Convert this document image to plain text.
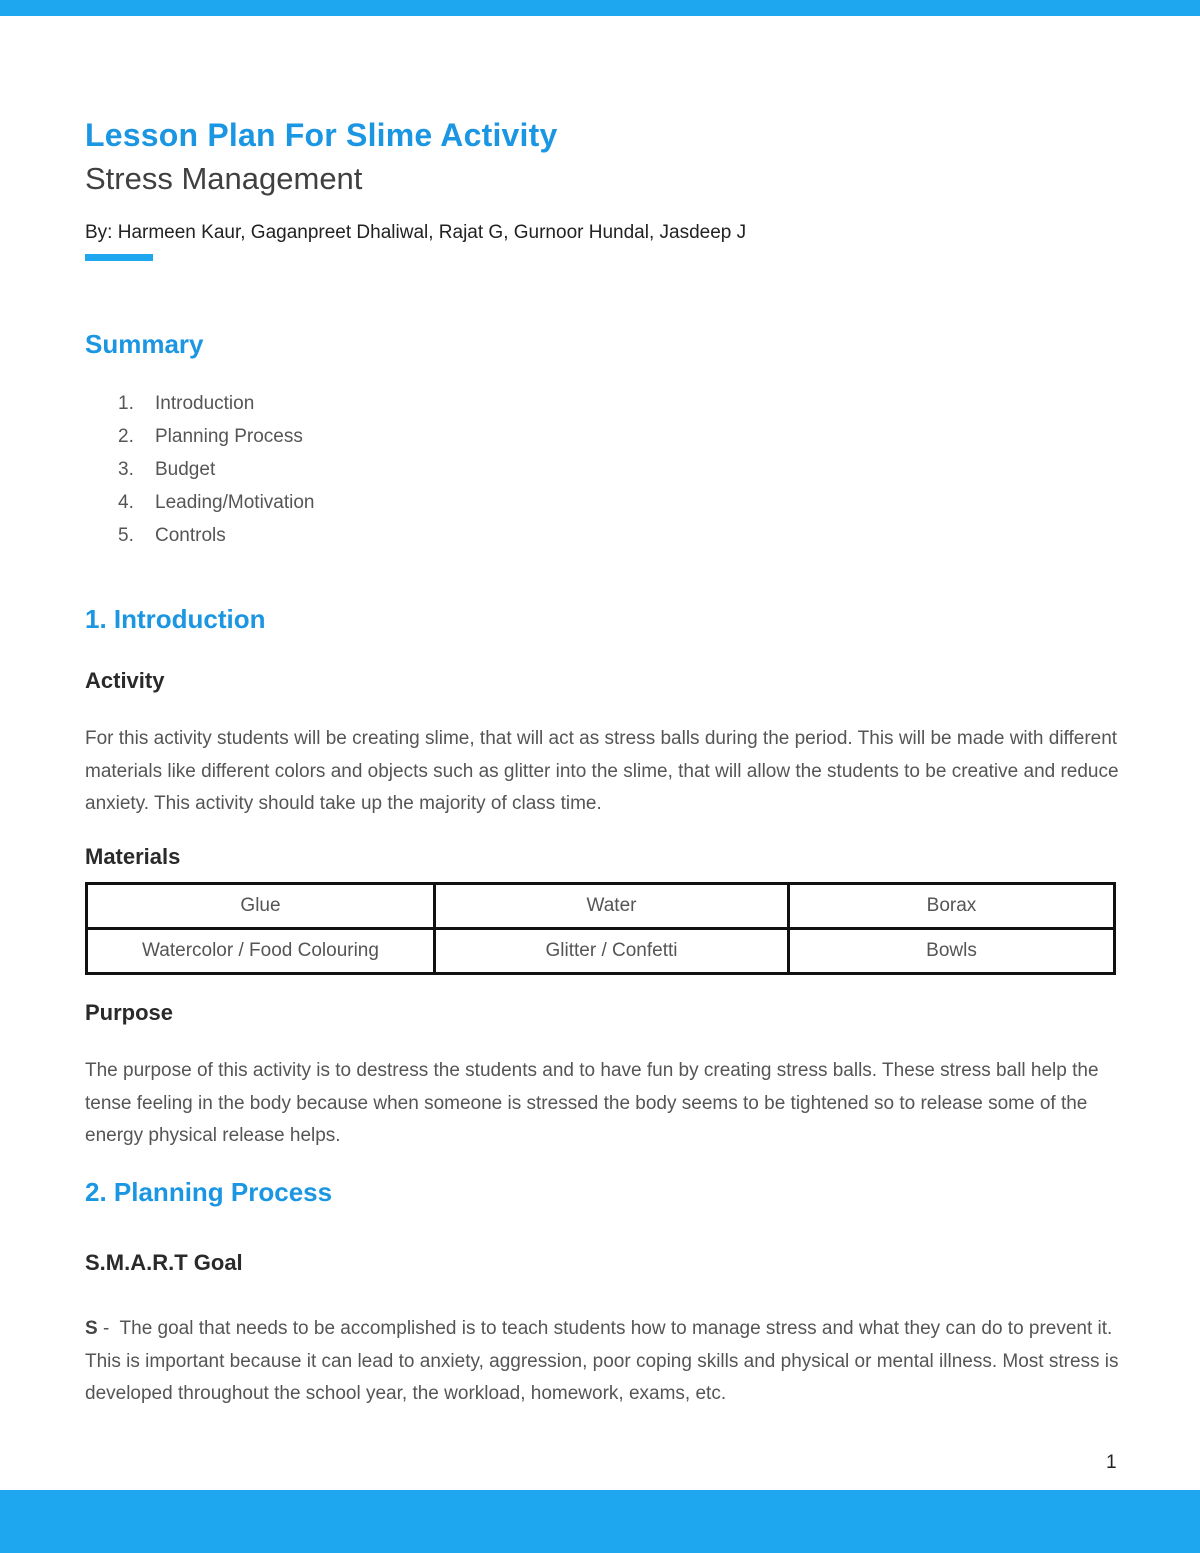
Lesson Plan For Slime Activity
Stress Management
By: Harmeen Kaur, Gaganpreet Dhaliwal, Rajat G, Gurnoor Hundal, Jasdeep J
Summary
1. Introduction
2. Planning Process
3. Budget
4. Leading/Motivation
5. Controls
1. Introduction
Activity

For this activity students will be creating slime, that will act as stress balls during the period. This will be made with different materials like different colors and objects such as glitter into the slime, that will allow the students to be creative and reduce anxiety. This activity should take up the majority of class time.

Materials
Glue	Water	Borax
Watercolor / Food Colouring	Glitter / Confetti	Bowls
Purpose

The purpose of this activity is to destress the students and to have fun by creating stress balls. These stress ball help the tense feeling in the body because when someone is stressed the body seems to be tightened so to release some of the energy physical release helps.

2. Planning Process
S.M.A.R.T Goal

S -  The goal that needs to be accomplished is to teach students how to manage stress and what they can do to prevent it. This is important because it can lead to anxiety, aggression, poor coping skills and physical or mental illness. Most stress is developed throughout the school year, the workload, homework, exams, etc.

1
